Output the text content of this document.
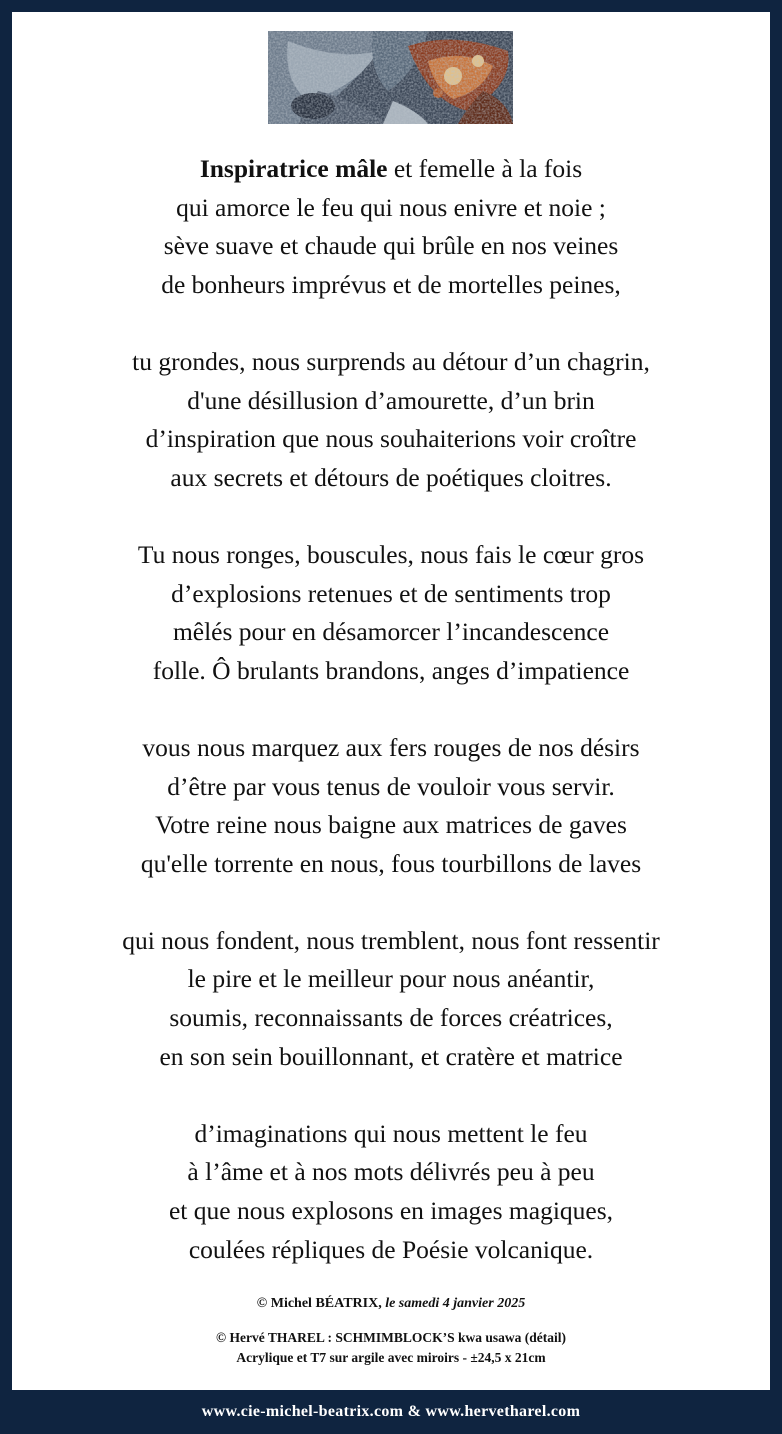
Inspiratrice mâle et femelle à la fois
qui amorce le feu qui nous enivre et noie ;
sève suave et chaude qui brûle en nos veines
de bonheurs imprévus et de mortelles peines,
tu grondes, nous surprends au détour d’un chagrin,
d'une désillusion d’amourette, d’un brin
d’inspiration que nous souhaiterions voir croître
aux secrets et détours de poétiques cloitres.
Tu nous ronges, bouscules, nous fais le cœur gros
d’explosions retenues et de sentiments trop
mêlés pour en désamorcer l’incandescence
folle. Ô brulants brandons, anges d’impatience
vous nous marquez aux fers rouges de nos désirs
d’être par vous tenus de vouloir vous servir.
Votre reine nous baigne aux matrices de gaves
qu'elle torrente en nous, fous tourbillons de laves
qui nous fondent, nous tremblent, nous font ressentir
le pire et le meilleur pour nous anéantir,
soumis, reconnaissants de forces créatrices,
en son sein bouillonnant, et cratère et matrice
d’imaginations qui nous mettent le feu
à l’âme et à nos mots délivrés peu à peu
et que nous explosons en images magiques,
coulées répliques de Poésie volcanique.
© Michel BÉATRIX, le samedi 4 janvier 2025
© Hervé THAREL : SCHMIMBLOCK’S kwa usawa (détail)
Acrylique et T7 sur argile avec miroirs - ±24,5 x 21cm
www.cie-michel-beatrix.com & www.hervetharel.com
